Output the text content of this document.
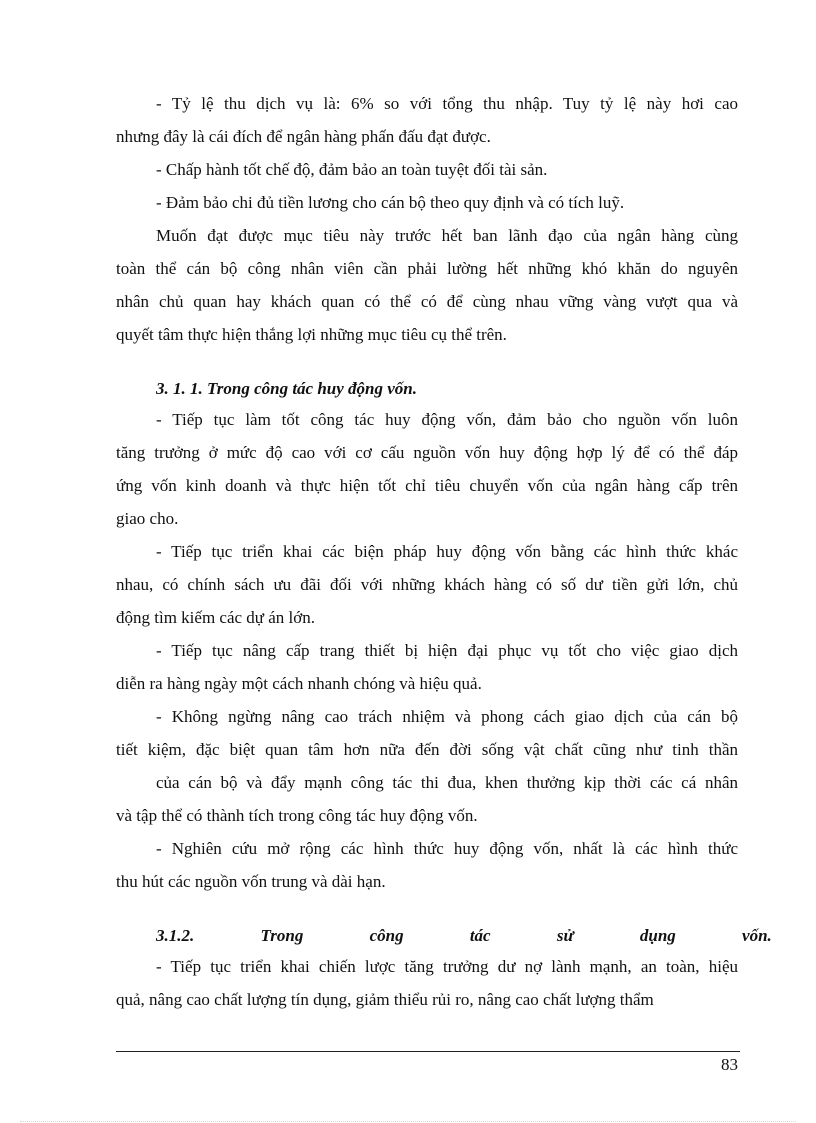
- Tỷ lệ thu dịch vụ là: 6% so với tổng thu nhập. Tuy tỷ lệ này hơi cao
nhưng đây là cái đích để ngân hàng phấn đấu đạt được.
- Chấp hành tốt chế độ, đảm bảo an toàn tuyệt đối tài sản.
- Đảm bảo chi đủ tiền lương cho cán bộ theo quy định và có tích luỹ.
Muốn đạt được mục tiêu này trước hết ban lãnh đạo của ngân hàng cùng
toàn thể cán bộ công nhân viên cần phải lường hết những khó khăn do nguyên
nhân chủ quan hay khách quan có thể có để cùng nhau vững vàng vượt qua và
quyết tâm thực hiện thắng lợi những mục tiêu cụ thể trên.
3. 1. 1. Trong công tác huy động vốn.
- Tiếp tục làm tốt công tác huy động vốn, đảm bảo cho nguồn vốn luôn
tăng trưởng ở mức độ cao với cơ cấu nguồn vốn huy động hợp lý để có thể đáp
ứng vốn kinh doanh và thực hiện tốt chỉ tiêu chuyển vốn của ngân hàng cấp trên
giao cho.
- Tiếp tục triển khai các biện pháp huy động vốn bằng các hình thức khác
nhau, có chính sách ưu đãi đối với những khách hàng có số dư tiền gửi lớn, chủ
động tìm kiếm các dự án lớn.
- Tiếp tục nâng cấp trang thiết bị hiện đại phục vụ tốt cho việc giao dịch
diễn ra hàng ngày một cách nhanh chóng và hiệu quả.
- Không ngừng nâng cao trách nhiệm và phong cách giao dịch của cán bộ
tiết kiệm, đặc biệt quan tâm hơn nữa đến đời sống vật chất cũng như tinh thần
của cán bộ và đẩy mạnh công tác thi đua, khen thưởng kịp thời các cá nhân
và tập thể có thành tích trong công tác huy động vốn.
- Nghiên cứu mở rộng các hình thức huy động vốn, nhất là các hình thức
thu hút các nguồn vốn trung và dài hạn.
3.1.2. Trong công tác sử dụng vốn.
- Tiếp tục triển khai chiến lược tăng trưởng dư nợ lành mạnh, an toàn, hiệu
quả, nâng cao chất lượng tín dụng, giảm thiểu rủi ro, nâng cao chất lượng thẩm
83
